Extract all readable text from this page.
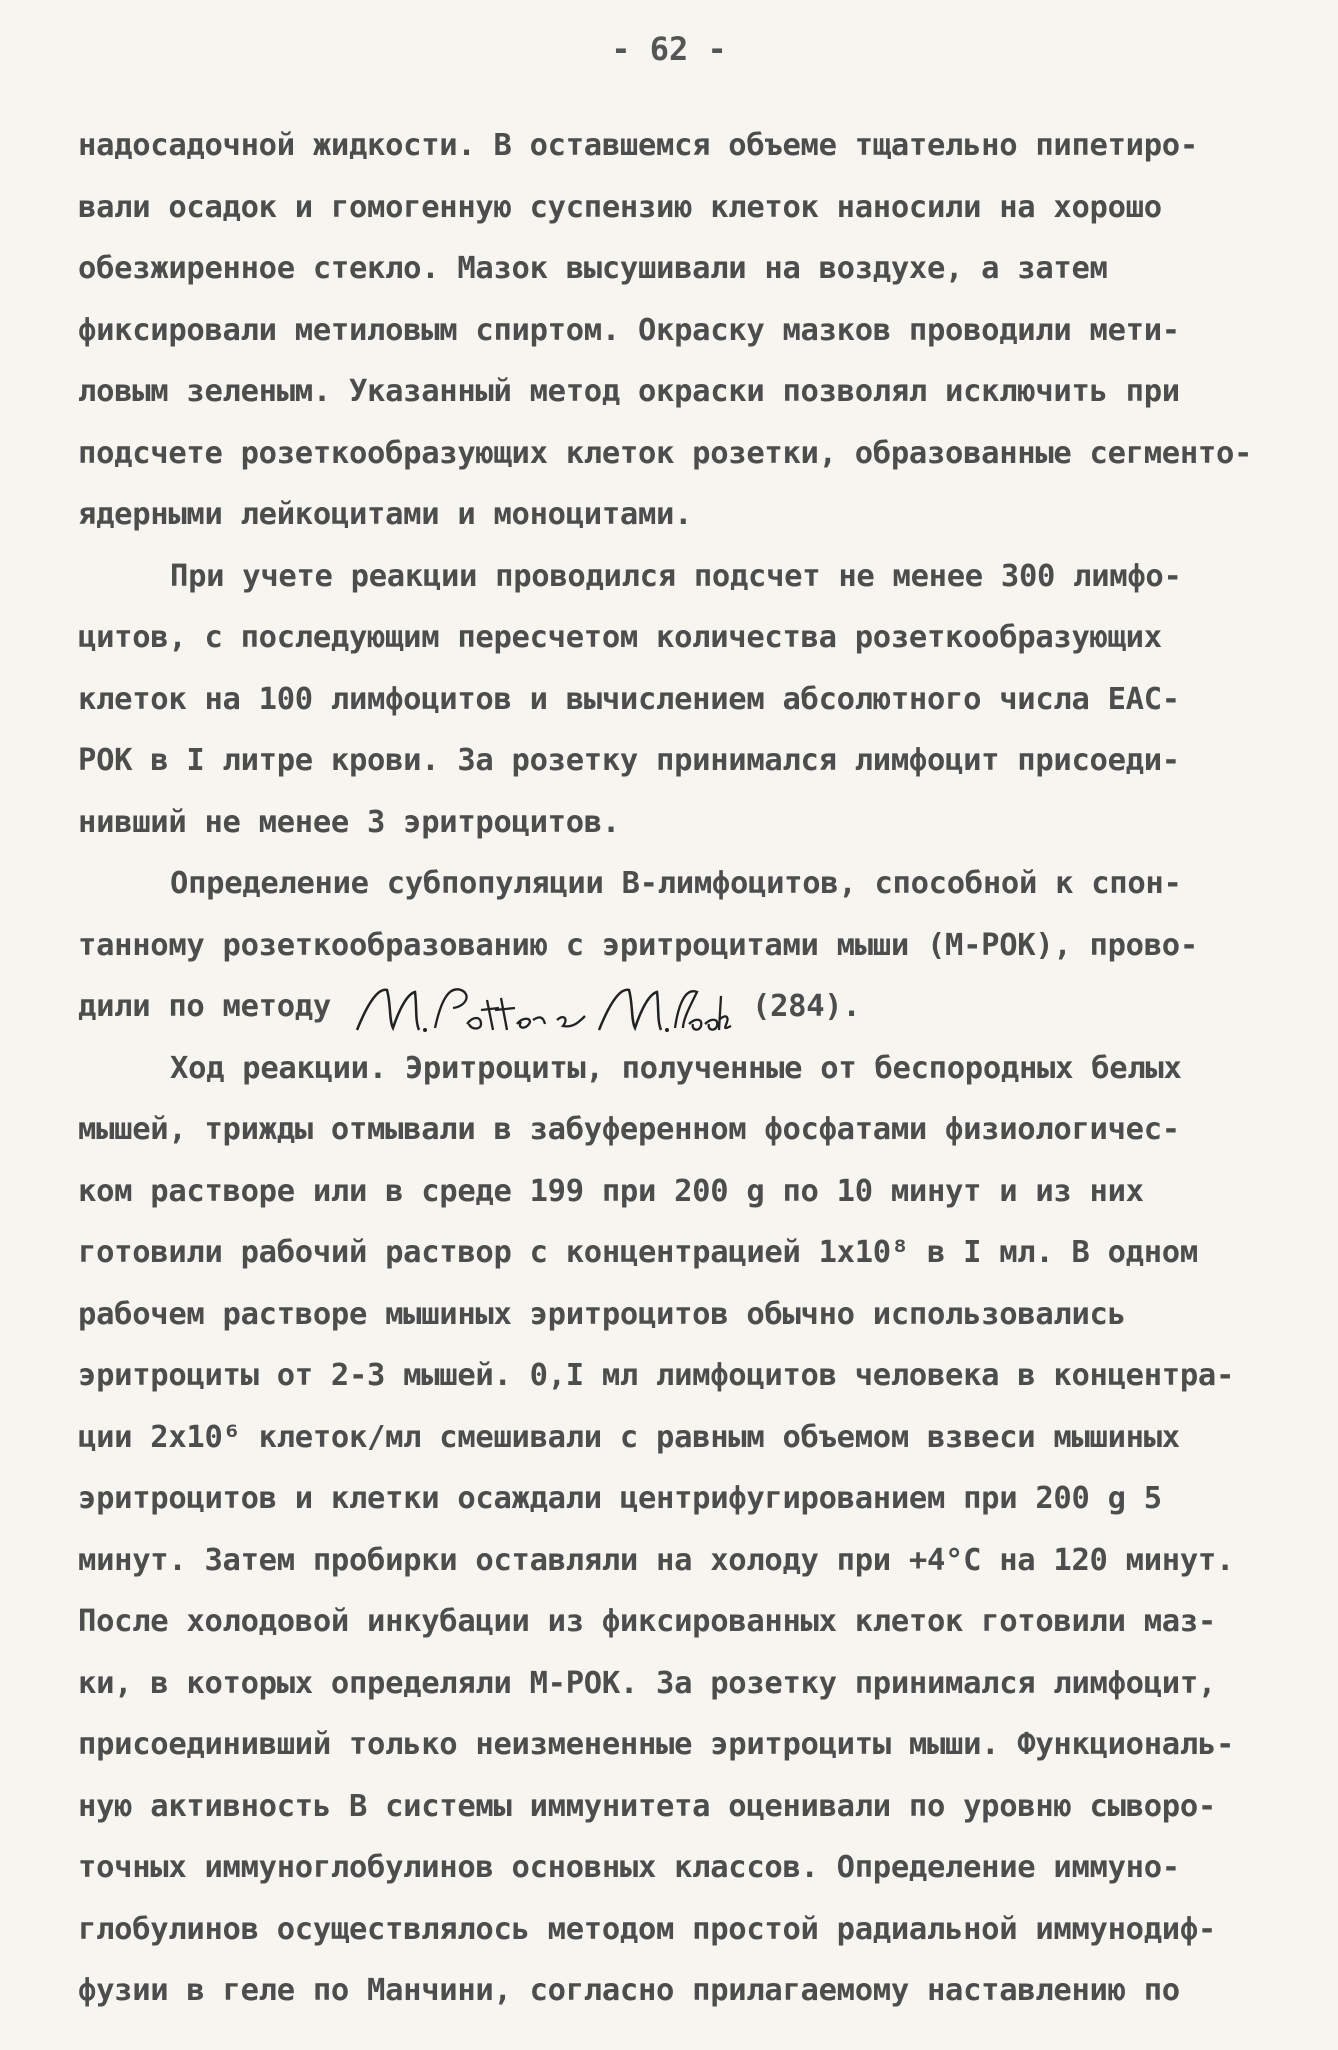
- 62 -
надосадочной жидкости. В оставшемся объеме тщательно пипетиро-
вали осадок и гомогенную суспензию клеток наносили на хорошо
обезжиренное стекло. Мазок высушивали на воздухе, а затем
фиксировали метиловым спиртом. Окраску мазков проводили мети-
ловым зеленым. Указанный метод окраски позволял исключить при
подсчете розеткообразующих клеток розетки, образованные сегменто-
ядерными лейкоцитами и моноцитами.
При учете реакции проводился подсчет не менее 300 лимфо-
цитов, с последующим пересчетом количества розеткообразующих
клеток на 100 лимфоцитов и вычислением абсолютного числа ЕАС-
РОК в I литре крови. За розетку принимался лимфоцит присоеди-
нивший не менее 3 эритроцитов.
Определение субпопуляции В-лимфоцитов, способной к спон-
танному розеткообразованию с эритроцитами мыши (М-РОК), прово-
дили по методу	(284).
Ход реакции. Эритроциты, полученные от беспородных белых
мышей, трижды отмывали в забуференном фосфатами физиологичес-
ком растворе или в среде 199 при 200 g по 10 минут и из них
готовили рабочий раствор с концентрацией 1x10⁸ в I мл. В одном
рабочем растворе мышиных эритроцитов обычно использовались
эритроциты от 2-3 мышей. 0,I мл лимфоцитов человека в концентра-
ции 2x10⁶ клеток/мл смешивали с равным объемом взвеси мышиных
эритроцитов и клетки осаждали центрифугированием при 200 g 5
минут. Затем пробирки оставляли на холоду при +4°С на 120 минут.
После холодовой инкубации из фиксированных клеток готовили маз-
ки, в которых определяли М-РОК. За розетку принимался лимфоцит,
присоединивший только неизмененные эритроциты мыши. Функциональ-
ную активность В системы иммунитета оценивали по уровню сыворо-
точных иммуноглобулинов основных классов. Определение иммуно-
глобулинов осуществлялось методом простой радиальной иммунодиф-
фузии в геле по Манчини, согласно прилагаемому наставлению по
